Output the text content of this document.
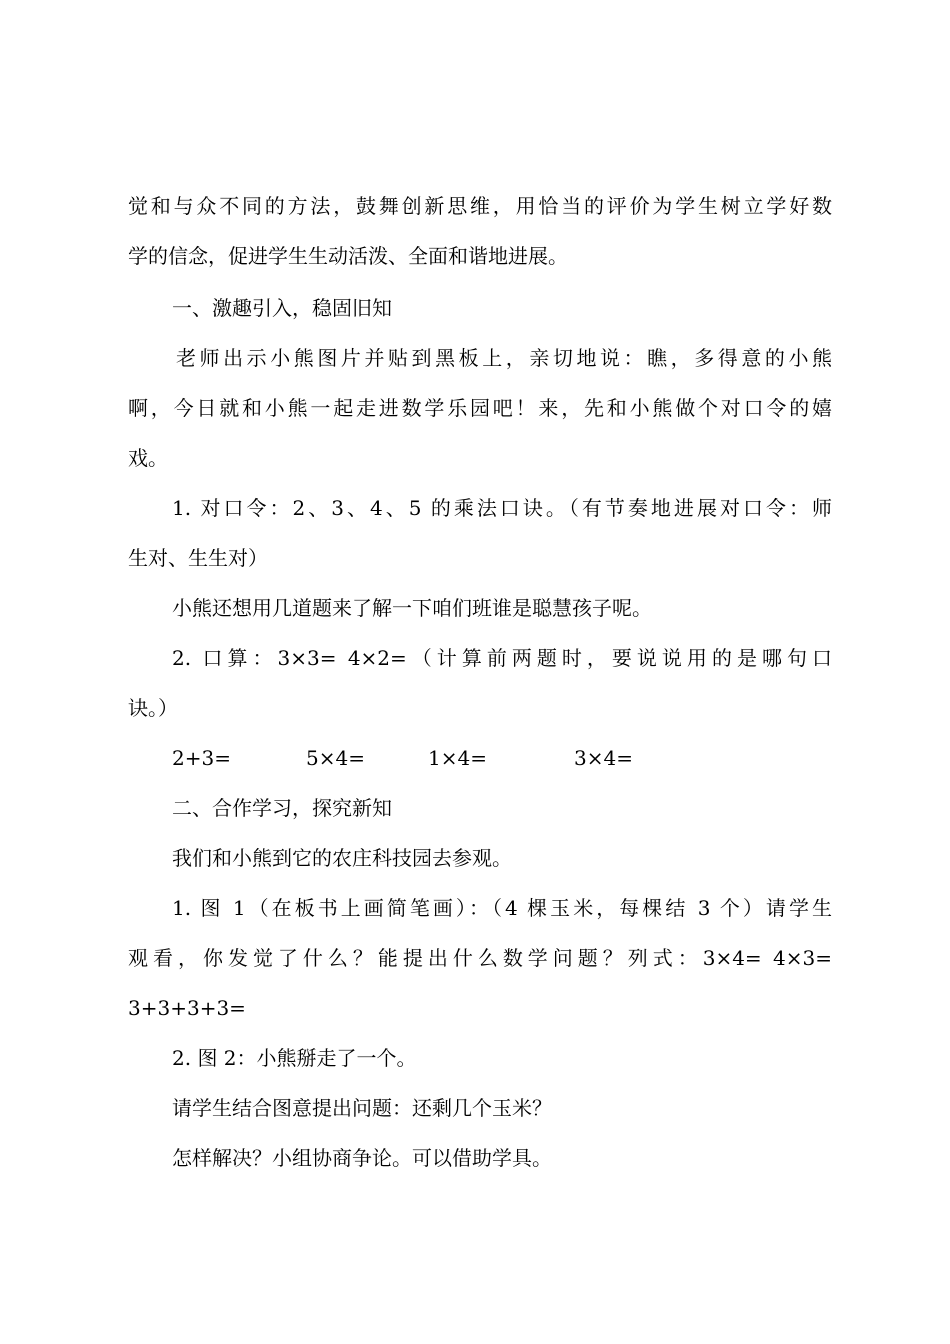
觉和与众不同的方法，鼓舞创新思维，用恰当的评价为学生树立学好数
学的信念，促进学生生动活泼、全面和谐地进展。
一、激趣引入，稳固旧知
老师出示小熊图片并贴到黑板上，亲切地说：瞧，多得意的小熊
啊，今日就和小熊一起走进数学乐园吧！来，先和小熊做个对口令的嬉
戏。
1. 对口令：2、3、4、5 的乘法口诀。（有节奏地进展对口令：师
生对、生生对）
小熊还想用几道题来了解一下咱们班谁是聪慧孩子呢。
2. 口算：3×3= 4×2=（计算前两题时，要说说用的是哪句口
诀。）
2+3=	5×4=	1×4=	3×4=
二、合作学习，探究新知
我们和小熊到它的农庄科技园去参观。
1. 图 1（在板书上画简笔画）：（4 棵玉米，每棵结 3 个）请学生
观看，你发觉了什么？能提出什么数学问题？列式：3×4= 4×3=
3+3+3+3=
2. 图 2：小熊掰走了一个。
请学生结合图意提出问题：还剩几个玉米？
怎样解决？小组协商争论。可以借助学具。
